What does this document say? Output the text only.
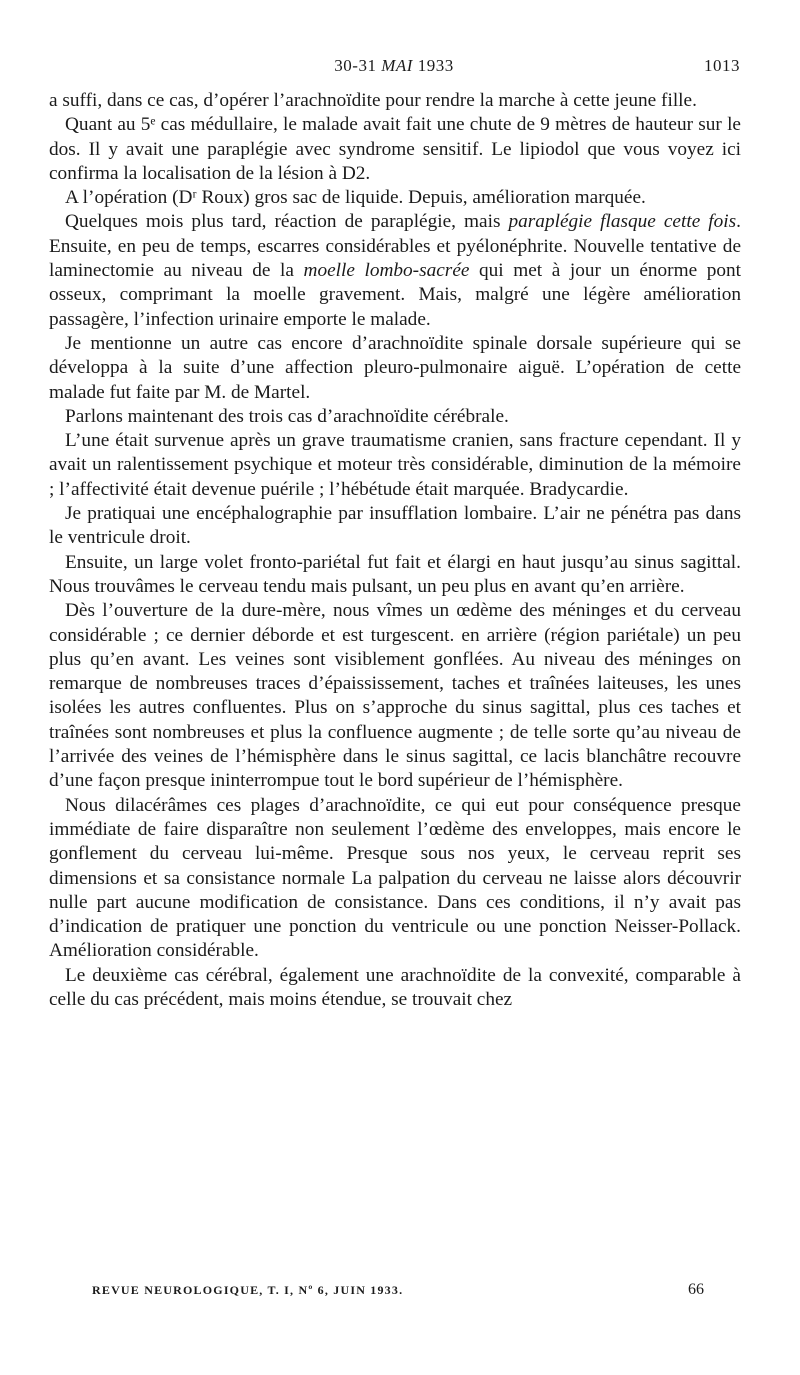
30-31 MAI 1933	1013

a suffi, dans ce cas, d’opérer l’arachnoïdite pour rendre la marche à cette jeune fille.

Quant au 5ᵉ cas médullaire, le malade avait fait une chute de 9 mètres de hauteur sur le dos. Il y avait une paraplégie avec syndrome sensitif. Le lipiodol que vous voyez ici confirma la localisation de la lésion à D2.

A l’opération (Dʳ Roux) gros sac de liquide. Depuis, amélioration marquée.

Quelques mois plus tard, réaction de paraplégie, mais paraplégie flasque cette fois. Ensuite, en peu de temps, escarres considérables et pyélonéphrite. Nouvelle tentative de laminectomie au niveau de la moelle lombo-sacrée qui met à jour un énorme pont osseux, comprimant la moelle gravement. Mais, malgré une légère amélioration passagère, l’infection urinaire emporte le malade.

Je mentionne un autre cas encore d’arachnoïdite spinale dorsale supérieure qui se développa à la suite d’une affection pleuro-pulmonaire aiguë. L’opération de cette malade fut faite par M. de Martel.

Parlons maintenant des trois cas d’arachnoïdite cérébrale.

L’une était survenue après un grave traumatisme cranien, sans fracture cependant. Il y avait un ralentissement psychique et moteur très considérable, diminution de la mémoire ; l’affectivité était devenue puérile ; l’hébétude était marquée. Bradycardie.

Je pratiquai une encéphalographie par insufflation lombaire. L’air ne pénétra pas dans le ventricule droit.

Ensuite, un large volet fronto-pariétal fut fait et élargi en haut jusqu’au sinus sagittal. Nous trouvâmes le cerveau tendu mais pulsant, un peu plus en avant qu’en arrière.

Dès l’ouverture de la dure-mère, nous vîmes un œdème des méninges et du cerveau considérable ; ce dernier déborde et est turgescent. en arrière (région pariétale) un peu plus qu’en avant. Les veines sont visiblement gonflées. Au niveau des méninges on remarque de nombreuses traces d’épaississement, taches et traînées laiteuses, les unes isolées les autres confluentes. Plus on s’approche du sinus sagittal, plus ces taches et traînées sont nombreuses et plus la confluence augmente ; de telle sorte qu’au niveau de l’arrivée des veines de l’hémisphère dans le sinus sagittal, ce lacis blanchâtre recouvre d’une façon presque ininterrompue tout le bord supérieur de l’hémisphère.

Nous dilacérâmes ces plages d’arachnoïdite, ce qui eut pour conséquence presque immédiate de faire disparaître non seulement l’œdème des enveloppes, mais encore le gonflement du cerveau lui-même. Presque sous nos yeux, le cerveau reprit ses dimensions et sa consistance normale La palpation du cerveau ne laisse alors découvrir nulle part aucune modification de consistance. Dans ces conditions, il n’y avait pas d’indication de pratiquer une ponction du ventricule ou une ponction Neisser-Pollack. Amélioration considérable.

Le deuxième cas cérébral, également une arachnoïdite de la convexité, comparable à celle du cas précédent, mais moins étendue, se trouvait chez

REVUE NEUROLOGIQUE, T. I, Nº 6, JUIN 1933.	66
